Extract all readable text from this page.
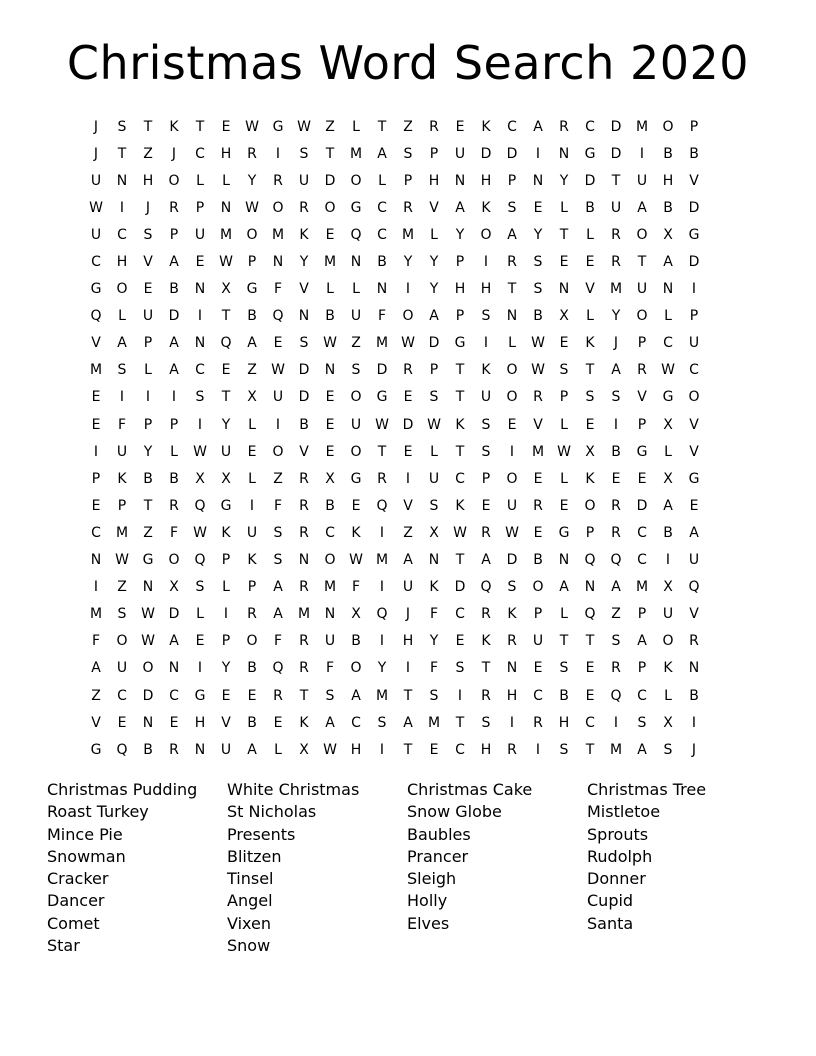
Christmas Word Search 2020
J	S	T	K	T	E	W G W	Z	L	T	Z	R	E	K	C	A	R	C	D	M	O	P
J	T	Z	J	C	H	R	I	S	T	M	A	S	P	U	D	D	I	N	G	D	I	B	B
U	N	H	O	L	L	Y	R	U	D	O	L	P	H	N	H	P	N	Y	D	T	U	H	V
W	I	J	R	P	N W O	R	O	G	C	R	V	A	K	S	E	L	B	U	A	B	D
U	C	S	P	U	M	O	M	K	E	Q	C	M	L	Y	O	A	Y	T	L	R	O	X	G
C	H	V	A	E	W	P	N	Y	M	N	B	Y	Y	P	I	R	S	E	E	R	T	A	D
G	O	E	B	N	X	G	F	V	L	L	N	I	Y	H	H	T	S	N	V	M	U	N	I
Q	L	U	D	I	T	B	Q	N	B	U	F	O	A	P	S	N	B	X	L	Y	O	L	P
V	A	P	A	N	Q	A	E	S	W	Z	M W D	G	I	L	W	E	K	J	P	C	U
M	S	L	A	C	E	Z	W D	N	S	D	R	P	T	K	O W	S	T	A	R	W	C
E	I	I	I	S	T	X	U	D	E	O	G	E	S	T	U	O	R	P	S	S	V	G	O
E	F	P	P	I	Y	L	I	B	E	U W D W	K	S	E	V	L	E	I	P	X	V
I	U	Y	L	W U	E	O	V	E	O	T	E	L	T	S	I	M W	X	B	G	L	V
P	K	B	B	X	X	L	Z	R	X	G	R	I	U	C	P	O	E	L	K	E	E	X	G
E	P	T	R	Q	G	I	F	R	B	E	Q	V	S	K	E	U	R	E	O	R	D	A	E
C	M	Z	F	W	K	U	S	R	C	K	I	Z	X	W	R	W	E	G	P	R	C	B	A
N W G	O	Q	P	K	S	N	O W M	A	N	T	A	D	B	N	Q	Q	C	I	U
I	Z	N	X	S	L	P	A	R	M	F	I	U	K	D	Q	S	O	A	N	A	M	X	Q
M	S	W D	L	I	R	A	M	N	X	Q	J	F	C	R	K	P	L	Q	Z	P	U	V
F	O W	A	E	P	O	F	R	U	B	I	H	Y	E	K	R	U	T	T	S	A	O	R
A	U	O	N	I	Y	B	Q	R	F	O	Y	I	F	S	T	N	E	S	E	R	P	K	N
Z	C	D	C	G	E	E	R	T	S	A	M	T	S	I	R	H	C	B	E	Q	C	L	B
V	E	N	E	H	V	B	E	K	A	C	S	A	M	T	S	I	R	H	C	I	S	X	I
G	Q	B	R	N	U	A	L	X	W H	I	T	E	C	H	R	I	S	T	M	A	S	J
Christmas Pudding
Roast Turkey
Mince Pie
Snowman
Cracker
Dancer
Comet
Star
White Christmas
St Nicholas
Presents
Blitzen
Tinsel
Angel
Vixen
Snow
Christmas Cake
Snow Globe
Baubles
Prancer
Sleigh
Holly
Elves
Christmas Tree
Mistletoe
Sprouts
Rudolph
Donner
Cupid
Santa
